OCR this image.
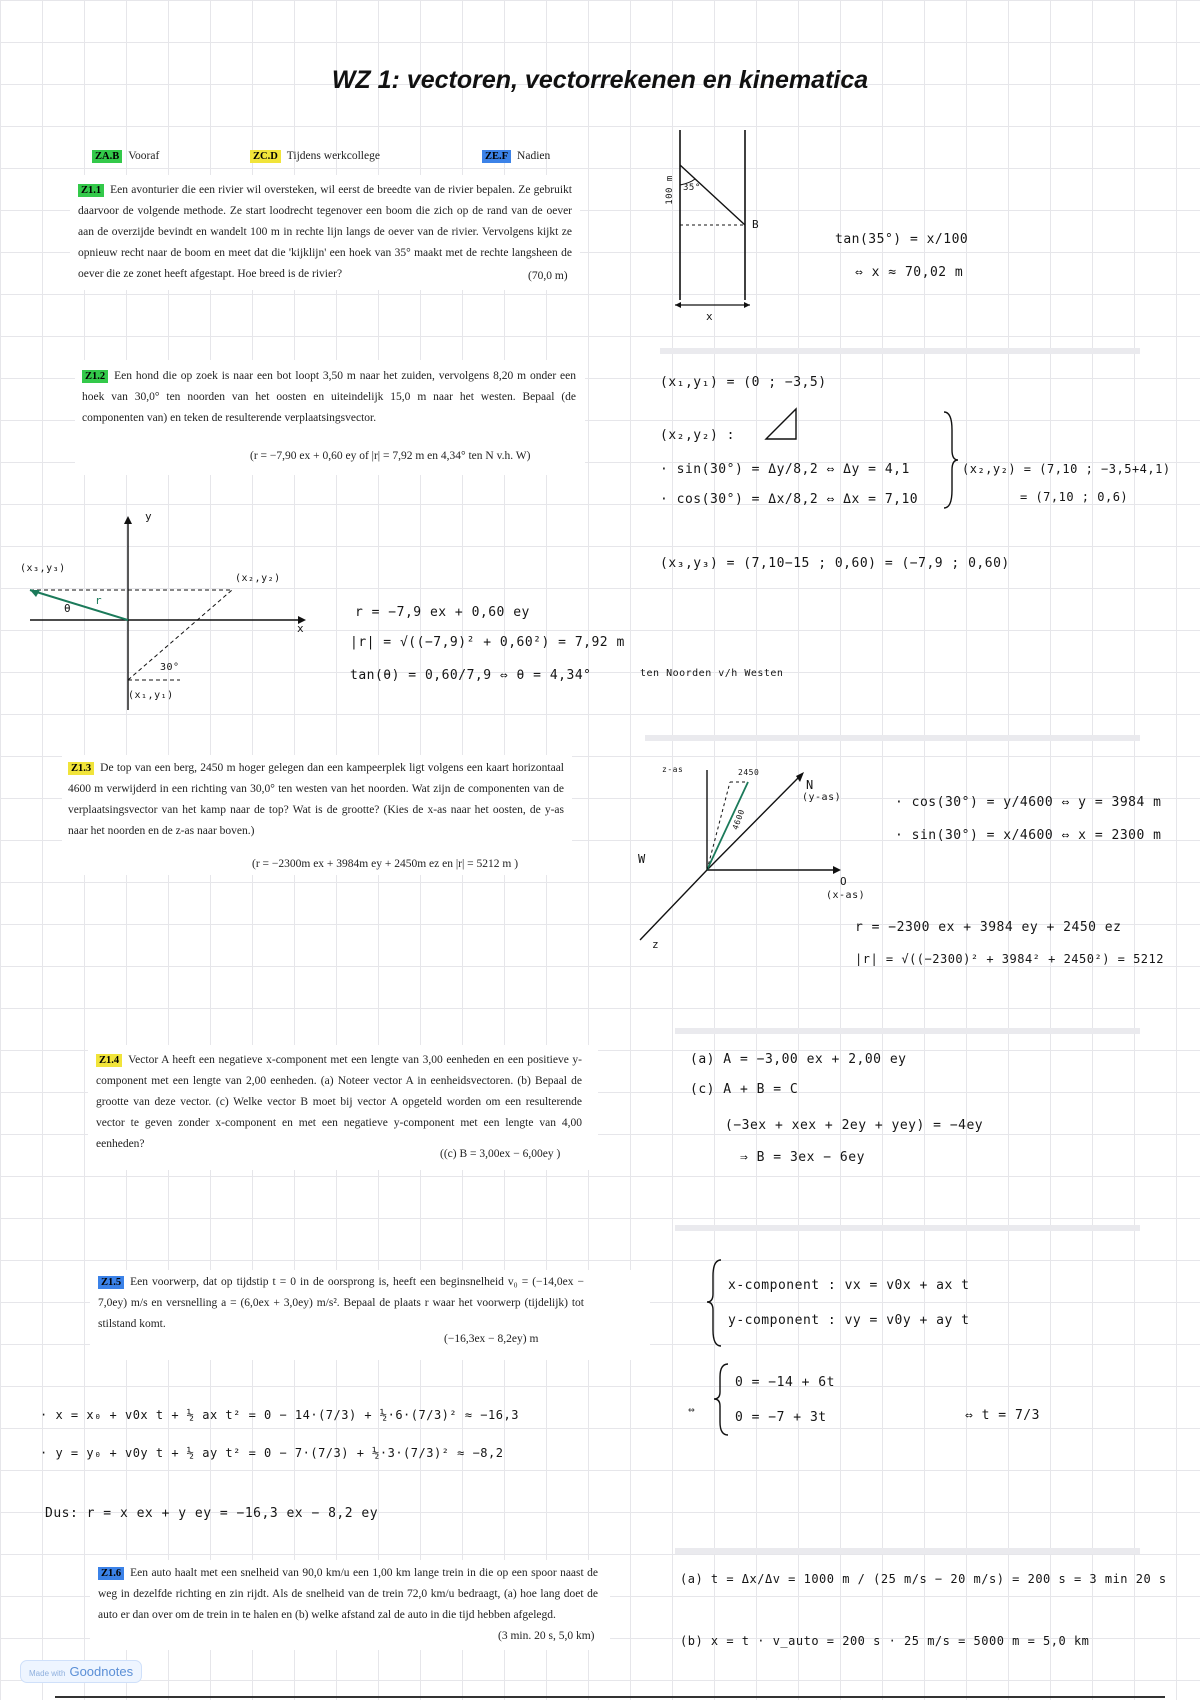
WZ 1: vectoren, vectorrekenen en kinematica
ZA.B Vooraf	ZC.D Tijdens werkcollege	ZE.F Nadien
Z1.1 Een avonturier die een rivier wil oversteken, wil eerst de breedte van de rivier bepalen. Ze gebruikt daarvoor de volgende methode. Ze start loodrecht tegenover een boom die zich op de rand van de oever aan de overzijde bevindt en wandelt 100 m in rechte lijn langs de oever van de rivier. Vervolgens kijkt ze opnieuw recht naar de boom en meet dat die 'kijklijn' een hoek van 35° maakt met de rechte langsheen de oever die ze zonet heeft afgestapt. Hoe breed is de rivier?	(70,0 m)
100 m 35°
B
x
tan(35°) = x/100
⇔ x ≈ 70,02 m
Z1.2 Een hond die op zoek is naar een bot loopt 3,50 m naar het zuiden, vervolgens 8,20 m onder een hoek van 30,0° ten noorden van het oosten en uiteindelijk 15,0 m naar het westen. Bepaal (de componenten van) en teken de resulterende verplaatsingsvector.
(r = −7,90 ex + 0,60 ey of |r| = 7,92 m en 4,34° ten N v.h. W)
(x₁,y₁) = (0 ; −3,5)
(x₂,y₂) :
· sin(30°) = Δy/8,2 ⇔ Δy = 4,1
· cos(30°) = Δx/8,2 ⇔ Δx = 7,10
(x₂,y₂) = (7,10 ; −3,5+4,1)
= (7,10 ; 0,6)
(x₃,y₃) = (7,10−15 ; 0,60) = (−7,9 ; 0,60)
y
x
(x₃,y₃)
(x₂,y₂)
(x₁,y₁)
30°
θ
r
r = −7,9 ex + 0,60 ey
|r| = √((−7,9)² + 0,60²) = 7,92 m
tan(θ) = 0,60/7,9 ⇔ θ = 4,34°	ten Noorden v/h Westen
Z1.3 De top van een berg, 2450 m hoger gelegen dan een kampeerplek ligt volgens een kaart horizontaal 4600 m verwijderd in een richting van 30,0° ten westen van het noorden. Wat zijn de componenten van de verplaatsingsvector van het kamp naar de top? Wat is de grootte? (Kies de x-as naar het oosten, de y-as naar het noorden en de z-as naar boven.)
(r = −2300m ex + 3984m ey + 2450m ez en |r| = 5212 m )
z-as
N
(y-as)
O
(x-as)
W
z
2450
4600
· cos(30°) = y/4600 ⇔ y = 3984 m
· sin(30°) = x/4600 ⇔ x = 2300 m
r = −2300 ex + 3984 ey + 2450 ez
|r| = √((−2300)² + 3984² + 2450²) = 5212
Z1.4 Vector A heeft een negatieve x-component met een lengte van 3,00 eenheden en een positieve y-component met een lengte van 2,00 eenheden. (a) Noteer vector A in eenheidsvectoren. (b) Bepaal de grootte van deze vector. (c) Welke vector B moet bij vector A opgeteld worden om een resulterende vector te geven zonder x-component en met een negatieve y-component met een lengte van 4,00 eenheden?
((c) B = 3,00ex − 6,00ey )
(a) A = −3,00 ex + 2,00 ey
(c) A + B = C
(−3ex + xex + 2ey + yey) = −4ey
⇒ B = 3ex − 6ey
Z1.5 Een voorwerp, dat op tijdstip t = 0 in de oorsprong is, heeft een beginsnelheid v₀ = (−14,0ex − 7,0ey) m/s en versnelling a = (6,0ex + 3,0ey) m/s². Bepaal de plaats r waar het voorwerp (tijdelijk) tot stilstand komt.
(−16,3ex − 8,2ey) m
x-component : vx = v0x + ax t
y-component : vy = v0y + ay t
⇔
0 = −14 + 6t
0 = −7 + 3t	⇔ t = 7/3
· x = x₀ + v0x t + ½ ax t² = 0 − 14·(7/3) + ½·6·(7/3)² ≈ −16,3
· y = y₀ + v0y t + ½ ay t² = 0 − 7·(7/3) + ½·3·(7/3)² ≈ −8,2
Dus: r = x ex + y ey = −16,3 ex − 8,2 ey
Z1.6 Een auto haalt met een snelheid van 90,0 km/u een 1,00 km lange trein in die op een spoor naast de weg in dezelfde richting en zin rijdt. Als de snelheid van de trein 72,0 km/u bedraagt, (a) hoe lang doet de auto er dan over om de trein in te halen en (b) welke afstand zal de auto in die tijd hebben afgelegd.
(3 min. 20 s, 5,0 km)
(a) t = Δx/Δv = 1000 m / (25 m/s − 20 m/s) = 200 s = 3 min 20 s
(b) x = t · v_auto = 200 s · 25 m/s = 5000 m = 5,0 km
Made with Goodnotes
